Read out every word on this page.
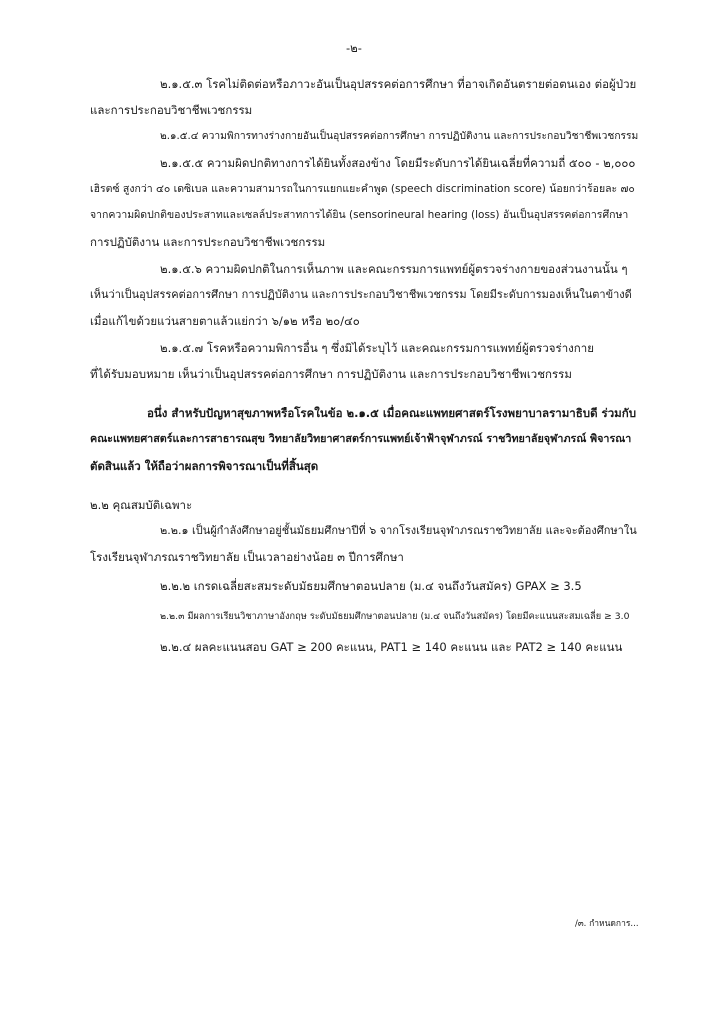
-๒-
๒.๑.๕.๓ โรคไม่ติดต่อหรือภาวะอันเป็นอุปสรรคต่อการศึกษา ที่อาจเกิดอันตรายต่อตนเอง ต่อผู้ป่วย
และการประกอบวิชาชีพเวชกรรม
๒.๑.๕.๔ ความพิการทางร่างกายอันเป็นอุปสรรคต่อการศึกษา การปฏิบัติงาน และการประกอบวิชาชีพเวชกรรม
๒.๑.๕.๕ ความผิดปกติทางการได้ยินทั้งสองข้าง โดยมีระดับการได้ยินเฉลี่ยที่ความถี่ ๕๐๐ - ๒,๐๐๐
เฮิรตซ์ สูงกว่า ๔๐ เดซิเบล และความสามารถในการแยกแยะคำพูด (speech discrimination score) น้อยกว่าร้อยละ ๗๐
จากความผิดปกติของประสาทและเซลล์ประสาทการได้ยิน (sensorineural hearing (loss) อันเป็นอุปสรรคต่อการศึกษา
การปฏิบัติงาน และการประกอบวิชาชีพเวชกรรม
๒.๑.๕.๖ ความผิดปกติในการเห็นภาพ และคณะกรรมการแพทย์ผู้ตรวจร่างกายของส่วนงานนั้น ๆ
เห็นว่าเป็นอุปสรรคต่อการศึกษา การปฏิบัติงาน และการประกอบวิชาชีพเวชกรรม โดยมีระดับการมองเห็นในตาข้างดี
เมื่อแก้ไขด้วยแว่นสายตาแล้วแย่กว่า ๖/๑๒ หรือ ๒๐/๔๐
๒.๑.๕.๗ โรคหรือความพิการอื่น ๆ ซึ่งมิได้ระบุไว้ และคณะกรรมการแพทย์ผู้ตรวจร่างกาย
ที่ได้รับมอบหมาย เห็นว่าเป็นอุปสรรคต่อการศึกษา การปฏิบัติงาน และการประกอบวิชาชีพเวชกรรม
อนึ่ง สำหรับปัญหาสุขภาพหรือโรคในข้อ ๒.๑.๕ เมื่อคณะแพทยศาสตร์โรงพยาบาลรามาธิบดี ร่วมกับ
คณะแพทยศาสตร์และการสาธารณสุข วิทยาลัยวิทยาศาสตร์การแพทย์เจ้าฟ้าจุฬาภรณ์ ราชวิทยาลัยจุฬาภรณ์ พิจารณา
ตัดสินแล้ว ให้ถือว่าผลการพิจารณาเป็นที่สิ้นสุด
๒.๒ คุณสมบัติเฉพาะ
๒.๒.๑ เป็นผู้กำลังศึกษาอยู่ชั้นมัธยมศึกษาปีที่ ๖ จากโรงเรียนจุฬาภรณราชวิทยาลัย และจะต้องศึกษาใน
โรงเรียนจุฬาภรณราชวิทยาลัย เป็นเวลาอย่างน้อย ๓ ปีการศึกษา
๒.๒.๒ เกรดเฉลี่ยสะสมระดับมัธยมศึกษาตอนปลาย (ม.๔ จนถึงวันสมัคร) GPAX ≥ 3.5
๒.๒.๓ มีผลการเรียนวิชาภาษาอังกฤษ ระดับมัธยมศึกษาตอนปลาย (ม.๔ จนถึงวันสมัคร) โดยมีคะแนนสะสมเฉลี่ย ≥ 3.0
๒.๒.๔ ผลคะแนนสอบ GAT ≥ 200 คะแนน, PAT1 ≥ 140 คะแนน และ PAT2 ≥ 140 คะแนน
/๓. กำหนดการ...
